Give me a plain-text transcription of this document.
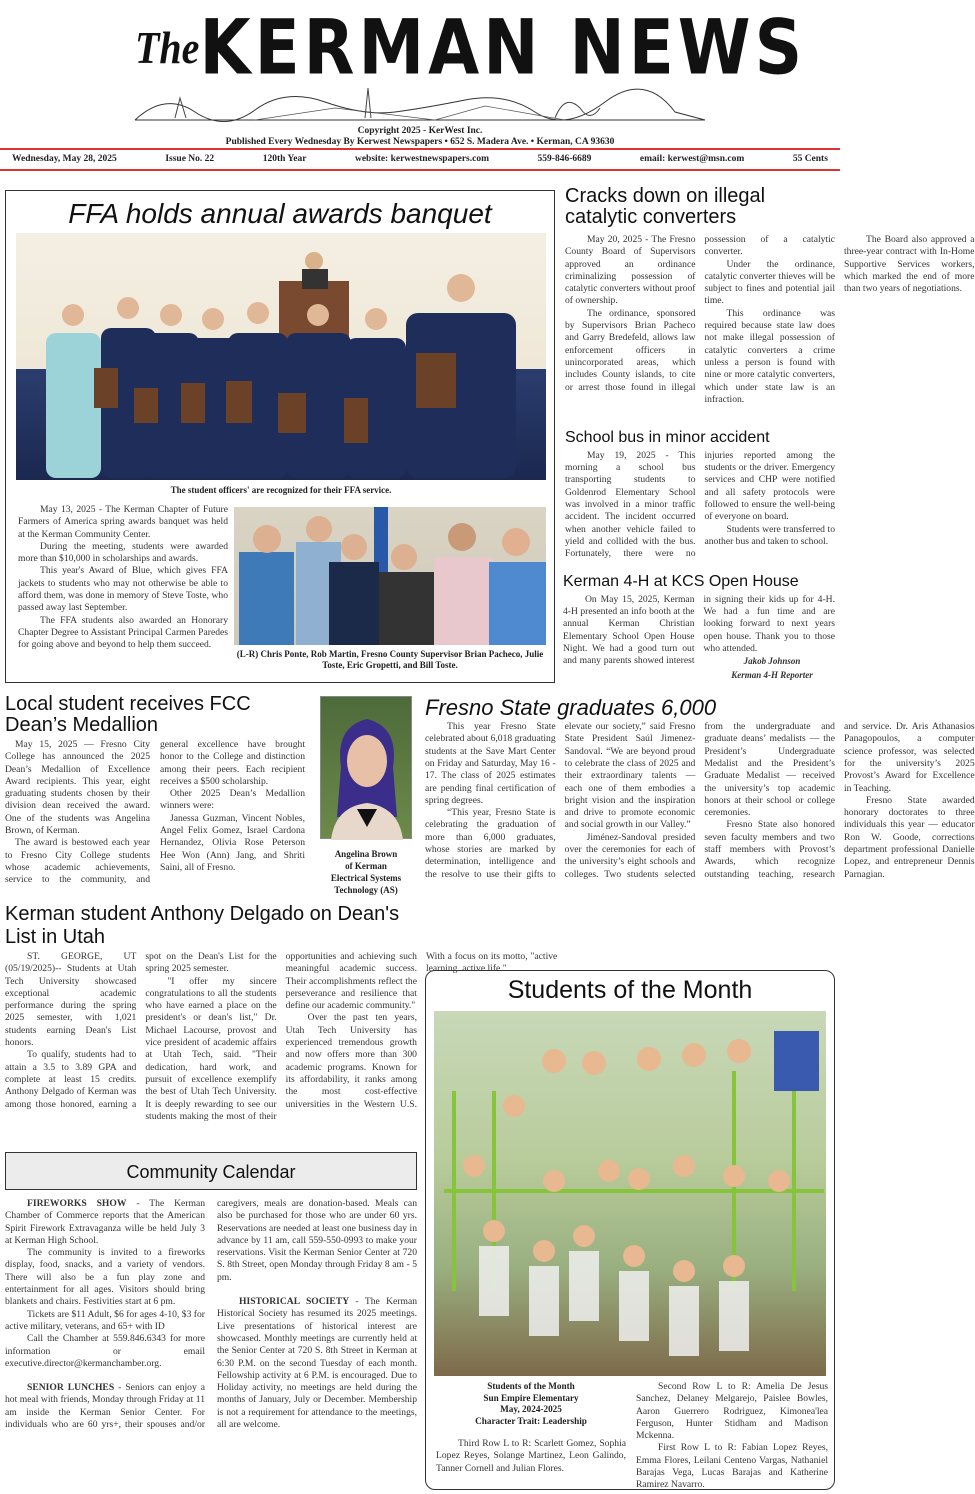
$^{The}$KERMAN NEWS
Copyright 2025 - KerWest Inc.
Published Every Wednesday By Kerwest Newspapers • 652 S. Madera Ave. • Kerman, CA 93630
Wednesday, May 28, 2025	Issue No. 22	120th Year	website: kerwestnewspapers.com	559-846-6689	email: kerwest@msn.com	55 Cents
FFA holds annual awards banquet
The student officers' are recognized for their FFA service.

May 13, 2025 - The Kerman Chapter of Future Farmers of America spring awards banquet was held at the Kerman Community Center.

During the meeting, students were awarded more than $10,000 in scholarships and awards.

This year's Award of Blue, which gives FFA jackets to students who may not otherwise be able to afford them, was done in memory of Steve Toste, who passed away last September.

The FFA students also awarded an Honorary Chapter Degree to Assistant Principal Carmen Paredes for going above and beyond to help them succeed.

(L-R) Chris Ponte, Rob Martin, Fresno County Supervisor Brian Pacheco, Julie Toste, Eric Gropetti, and Bill Toste.
Cracks down on illegal catalytic converters

May 20, 2025 - The Fresno County Board of Supervisors approved an ordinance criminalizing possession of catalytic converters without proof of ownership.

The ordinance, sponsored by Supervisors Brian Pacheco and Garry Bredefeld, allows law enforcement officers in unincorporated areas, which includes County islands, to cite or arrest those found in illegal possession of a catalytic converter.

Under the ordinance, catalytic converter thieves will be subject to fines and potential jail time.

This ordinance was required because state law does not make illegal possession of catalytic converters a crime unless a person is found with nine or more catalytic converters, which under state law is an infraction.

The Board also approved a three-year contract with In-Home Supportive Services workers, which marked the end of more than two years of negotiations.

School bus in minor accident

May 19, 2025 - This morning a school bus transporting students to Goldenrod Elementary School was involved in a minor traffic accident. The incident occurred when another vehicle failed to yield and collided with the bus. Fortunately, there were no injuries reported among the students or the driver. Emergency services and CHP were notified and all safety protocols were followed to ensure the well-being of everyone on board.

Students were transferred to another bus and taken to school.

Kerman 4-H at KCS Open House

On May 15, 2025, Kerman 4-H presented an info booth at the annual Kerman Christian Elementary School Open House Night. We had a good turn out and many parents showed interest in signing their kids up for 4-H. We had a fun time and are looking forward to next years open house. Thank you to those who attended.

Jakob Johnson
Kerman 4-H Reporter
Local student receives FCC Dean’s Medallion

May 15, 2025 — Fresno City College has announced the 2025 Dean’s Medallion of Excellence Award recipients. This year, eight graduating students chosen by their division dean received the award. One of the students was Angelina Brown, of Kerman.

The award is bestowed each year to Fresno City College students whose academic achievements, service to the community, and general excellence have brought honor to the College and distinction among their peers. Each recipient receives a $500 scholarship.

Other 2025 Dean’s Medallion winners were:

Janessa Guzman, Vincent Nobles, Angel Felix Gomez, Israel Cardona Hernandez, Olivia Rose Peterson Hee Won (Ann) Jang, and Shriti Saini, all of Fresno.

Angelina Brown
of Kerman
Electrical Systems
Technology (AS)
Fresno State graduates 6,000

This year Fresno State celebrated about 6,018 graduating students at the Save Mart Center on Friday and Saturday, May 16 - 17. The class of 2025 estimates are pending final certification of spring degrees.

“This year, Fresno State is celebrating the graduation of more than 6,000 graduates, whose stories are marked by determination, intelligence and the resolve to use their gifts to elevate our society,” said Fresno State President Saúl Jimenez-Sandoval. “We are beyond proud to celebrate the class of 2025 and their extraordinary talents — each one of them embodies a bright vision and the inspiration and drive to promote economic and social growth in our Valley.”

Jiménez-Sandoval presided over the ceremonies for each of the university’s eight schools and colleges. Two students selected from the undergraduate and graduate deans’ medalists — the President’s Undergraduate Medalist and the President’s Graduate Medalist — received the university’s top academic honors at their school or college ceremonies.

Fresno State also honored seven faculty members and two staff members with Provost’s Awards, which recognize outstanding teaching, research and service. Dr. Aris Athanasios Panagopoulos, a computer science professor, was selected for the university’s 2025 Provost’s Award for Excellence in Teaching.

Fresno State awarded honorary doctorates to three individuals this year — educator Ron W. Goode, corrections department professional Danielle Lopez, and entrepreneur Dennis Parnagian.

Kerman student Anthony Delgado on Dean's List in Utah

ST. GEORGE, UT (05/19/2025)-- Students at Utah Tech University showcased exceptional academic performance during the spring 2025 semester, with 1,021 students earning Dean's List honors.

To qualify, students had to attain a 3.5 to 3.89 GPA and complete at least 15 credits. Anthony Delgado of Kerman was among those honored, earning a spot on the Dean's List for the spring 2025 semester.

"I offer my sincere congratulations to all the students who have earned a place on the president's or dean's list," Dr. Michael Lacourse, provost and vice president of academic affairs at Utah Tech, said. "Their dedication, hard work, and pursuit of excellence exemplify the best of Utah Tech University. It is deeply rewarding to see our students making the most of their opportunities and achieving such meaningful academic success. Their accomplishments reflect the perseverance and resilience that define our academic community."

Over the past ten years, Utah Tech University has experienced tremendous growth and now offers more than 300 academic programs. Known for its affordability, it ranks among the most cost-effective universities in the Western U.S. With a focus on its motto, "active learning. active life."

Community Calendar

FIREWORKS SHOW - The Kerman Chamber of Commerce reports that the American Spirit Firework Extravaganza wille be held July 3 at Kerman High School.

The community is invited to a fireworks display, food, snacks, and a variety of vendors. There will also be a fun play zone and entertainment for all ages. Visitors should bring blankets and chairs. Festivities start at 6 pm.

Tickets are $11 Adult, $6 for ages 4-10, $3 for active military, veterans, and 65+ with ID

Call the Chamber at 559.846.6343 for more information or email executive.director@kermanchamber.org.

SENIOR LUNCHES - Seniors can enjoy a hot meal with friends, Monday through Friday at 11 am inside the Kerman Senior Center. For individuals who are 60 yrs+, their spouses and/or caregivers, meals are donation-based. Meals can also be purchased for those who are under 60 yrs. Reservations are needed at least one business day in advance by 11 am, call 559-550-0993 to make your reservations. Visit the Kerman Senior Center at 720 S. 8th Street, open Monday through Friday 8 am - 5 pm.

HISTORICAL SOCIETY - The Kerman Historical Society has resumed its 2025 meetings. Live presentations of historical interest are showcased. Monthly meetings are currently held at the Senior Center at 720 S. 8th Street in Kerman at 6:30 P.M. on the second Tuesday of each month. Fellowship activity at 6 P.M. is encouraged. Due to Holiday activity, no meetings are held during the months of January, July or December. Membership is not a requirement for attendance to the meetings, all are welcome.

Students of the Month
Students of the Month
Sun Empire Elementary
May, 2024-2025
Character Trait: Leadership

Third Row L to R: Scarlett Gomez, Sophia Lopez Reyes, Solange Martinez, Leon Galindo, Tanner Cornell and Julian Flores.

Second Row L to R: Amelia De Jesus Sanchez, Delaney Melgarejo, Paislee Bowles, Aaron Guerrero Rodriguez, Kimonea'lea Ferguson, Hunter Stidham and Madison Mckenna.

First Row L to R: Fabian Lopez Reyes, Emma Flores, Leilani Centeno Vargas, Nathaniel Barajas Vega, Lucas Barajas and Katherine Ramirez Navarro.
